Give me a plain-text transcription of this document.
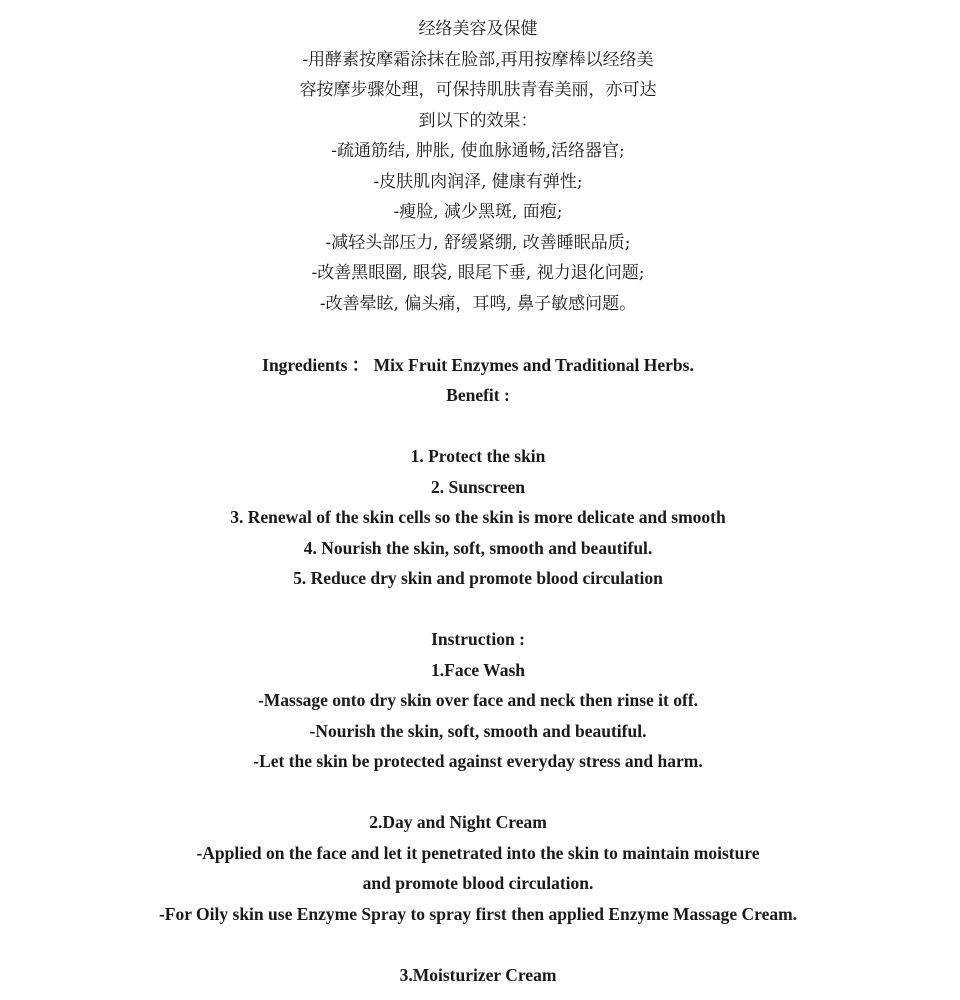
经络美容及保健
-用酵素按摩霜涂抹在脸部,再用按摩棒以经络美
容按摩步骤处理，可保持肌肤青春美丽，亦可达
到以下的效果：
-疏通筋结, 肿胀, 使血脉通畅,活络器官;
-皮肤肌肉润泽, 健康有弹性;
-瘦脸, 减少黑斑, 面疱;
-减轻头部压力, 舒缓紧绷, 改善睡眠品质;
-改善黑眼圈, 眼袋, 眼尾下垂, 视力退化问题;
-改善晕眩, 偏头痛，耳鸣, 鼻子敏感问题。
Ingredients ： Mix Fruit Enzymes and Traditional Herbs.
Benefit :
1. Protect the skin
2. Sunscreen
3. Renewal of the skin cells so the skin is more delicate and smooth
4. Nourish the skin, soft, smooth and beautiful.
5. Reduce dry skin and promote blood circulation
Instruction :
1.Face Wash
-Massage onto dry skin over face and neck then rinse it off.
-Nourish the skin, soft, smooth and beautiful.
-Let the skin be protected against everyday stress and harm.
2.Day and Night Cream
-Applied on the face and let it penetrated into the skin to maintain moisture
and promote blood circulation.
-For Oily skin use Enzyme Spray to spray first then applied Enzyme Massage Cream.
3.Moisturizer Cream
